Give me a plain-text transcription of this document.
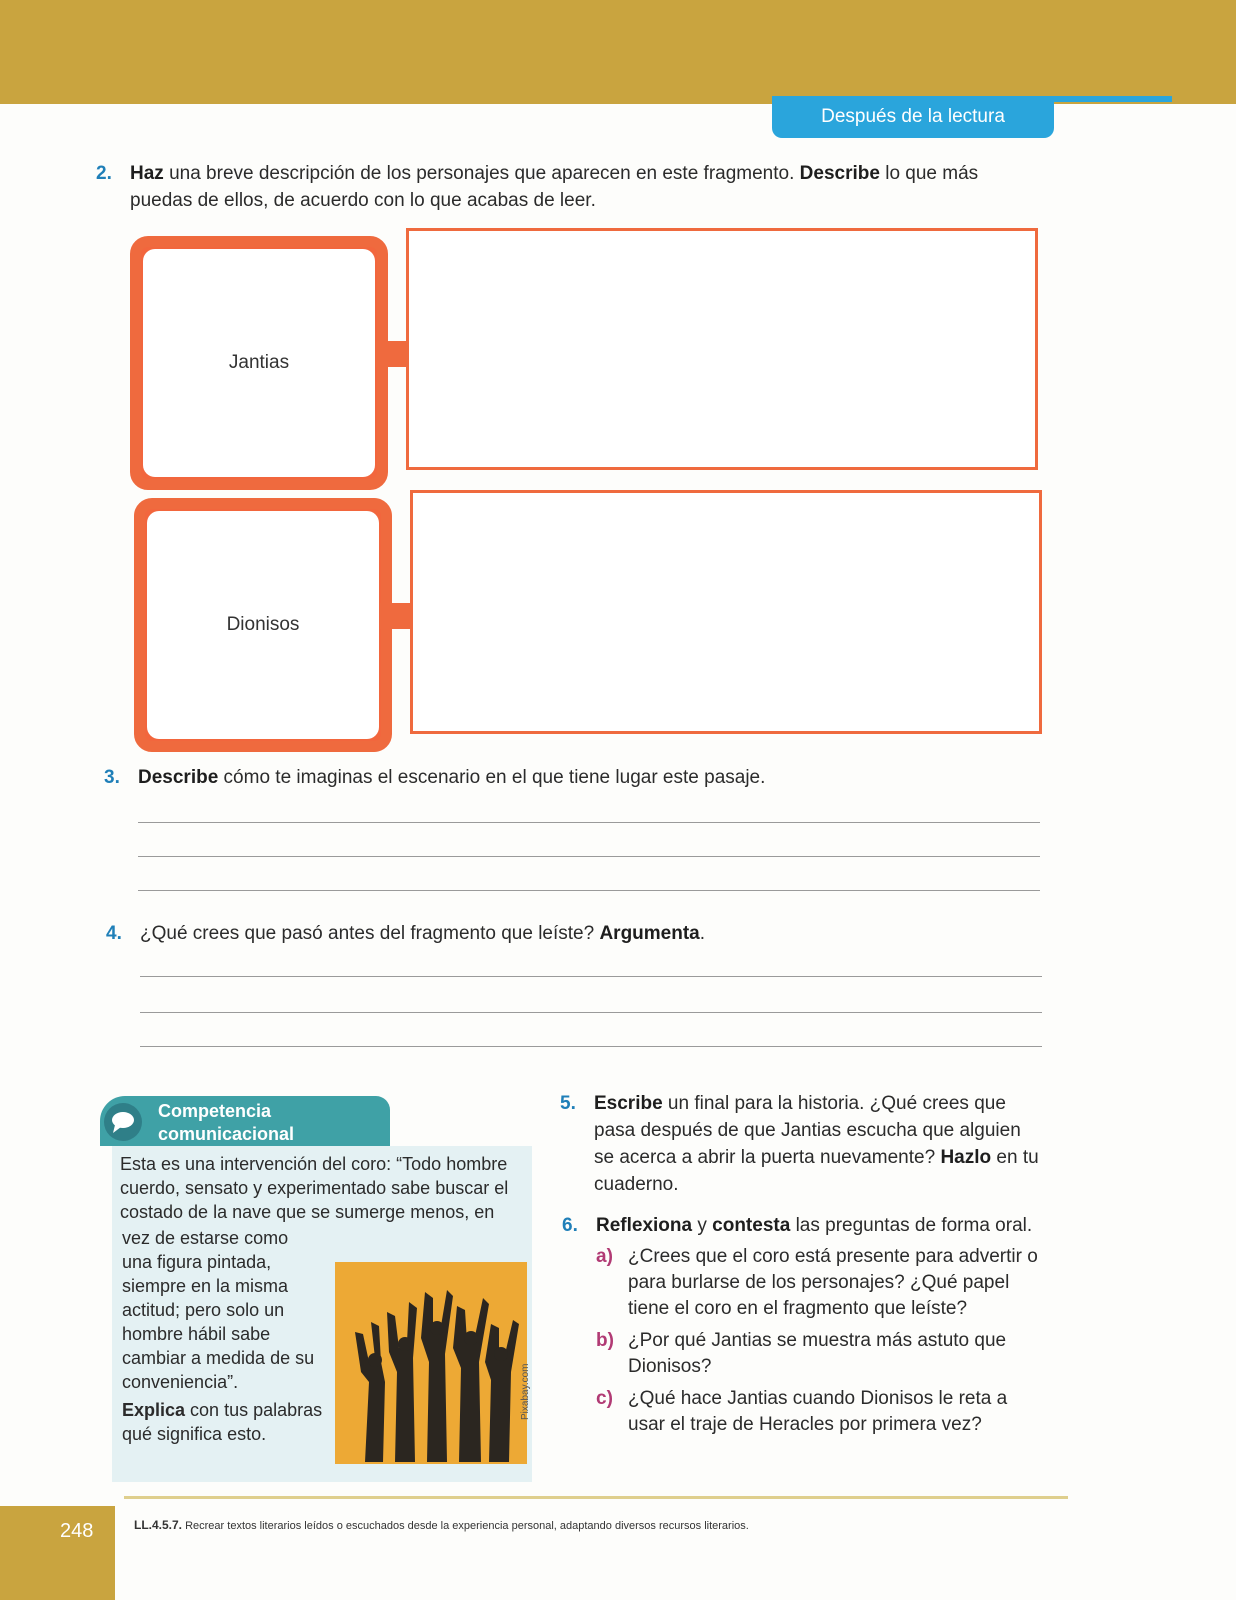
Después de la lectura
2. Haz una breve descripción de los personajes que aparecen en este fragmento. Describe lo que más puedas de ellos, de acuerdo con lo que acabas de leer.
Jantias
Dionisos
3. Describe cómo te imaginas el escenario en el que tiene lugar este pasaje.
4. ¿Qué crees que pasó antes del fragmento que leíste? Argumenta.
Competencia
comunicacional
Esta es una intervención del coro: “Todo hombre cuerdo, sensato y experimentado sabe buscar el costado de la nave que se sumerge menos, en
vez de estarse como una figura pintada, siempre en la misma actitud; pero solo un hombre hábil sabe cambiar a medida de su conveniencia”.
Explica con tus palabras qué significa esto.
Pixabay.com
5. Escribe un final para la historia. ¿Qué crees que pasa después de que Jantias escucha que alguien se acerca a abrir la puerta nuevamente? Hazlo en tu cuaderno.
6. Reflexiona y contesta las preguntas de forma oral.
a) ¿Crees que el coro está presente para advertir o para burlarse de los personajes? ¿Qué papel tiene el coro en el fragmento que leíste?
b) ¿Por qué Jantias se muestra más astuto que Dionisos?
c) ¿Qué hace Jantias cuando Dionisos le reta a usar el traje de Heracles por primera vez?
248	LL.4.5.7. Recrear textos literarios leídos o escuchados desde la experiencia personal, adaptando diversos recursos literarios.
